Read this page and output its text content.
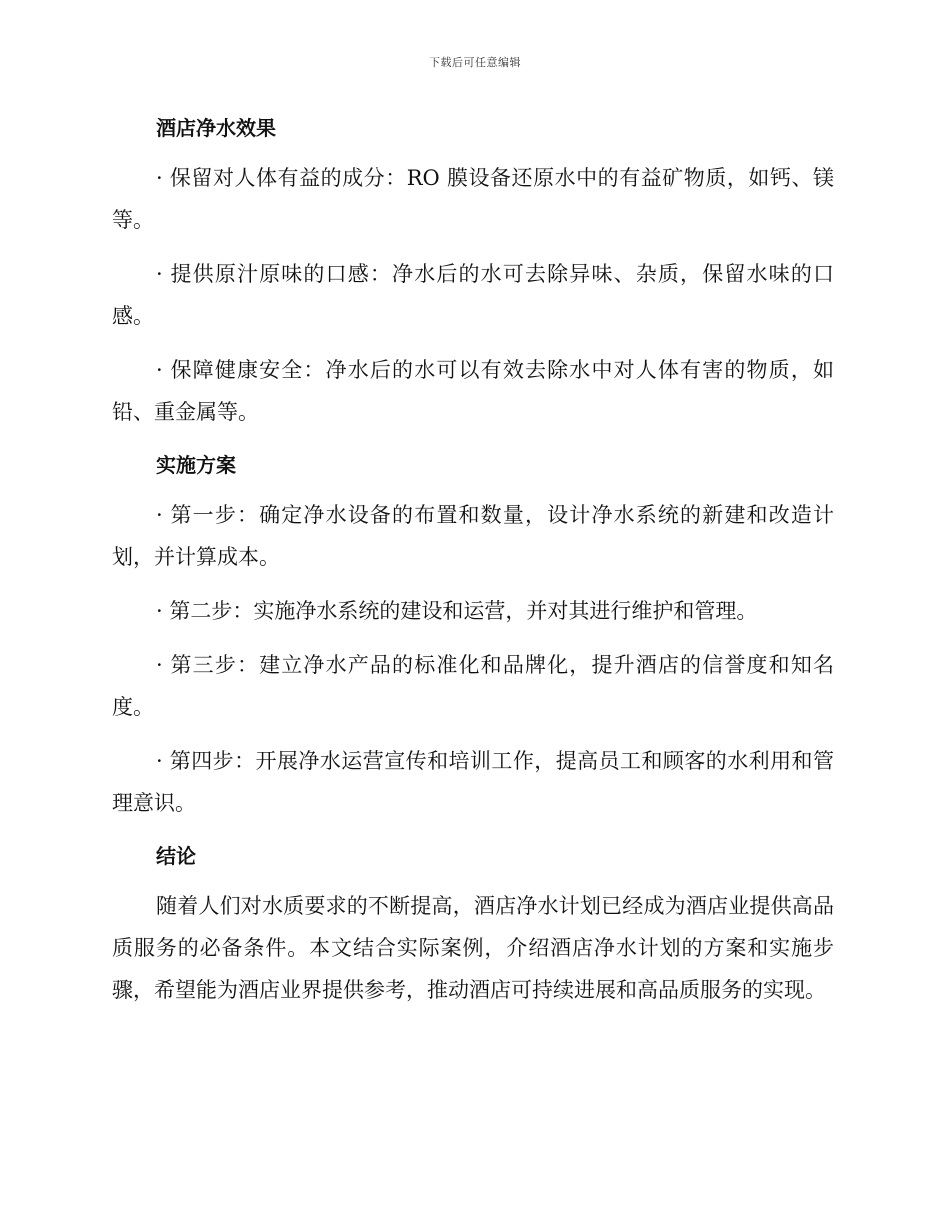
下载后可任意编辑
酒店净水效果

· 保留对人体有益的成分：RO 膜设备还原水中的有益矿物质，如钙、镁等。

· 提供原汁原味的口感：净水后的水可去除异味、杂质，保留水味的口感。

· 保障健康安全：净水后的水可以有效去除水中对人体有害的物质，如铅、重金属等。

实施方案

· 第一步：确定净水设备的布置和数量，设计净水系统的新建和改造计划，并计算成本。

· 第二步：实施净水系统的建设和运营，并对其进行维护和管理。

· 第三步：建立净水产品的标准化和品牌化，提升酒店的信誉度和知名度。

· 第四步：开展净水运营宣传和培训工作，提高员工和顾客的水利用和管理意识。

结论

随着人们对水质要求的不断提高，酒店净水计划已经成为酒店业提供高品质服务的必备条件。本文结合实际案例，介绍酒店净水计划的方案和实施步骤，希望能为酒店业界提供参考，推动酒店可持续进展和高品质服务的实现。
